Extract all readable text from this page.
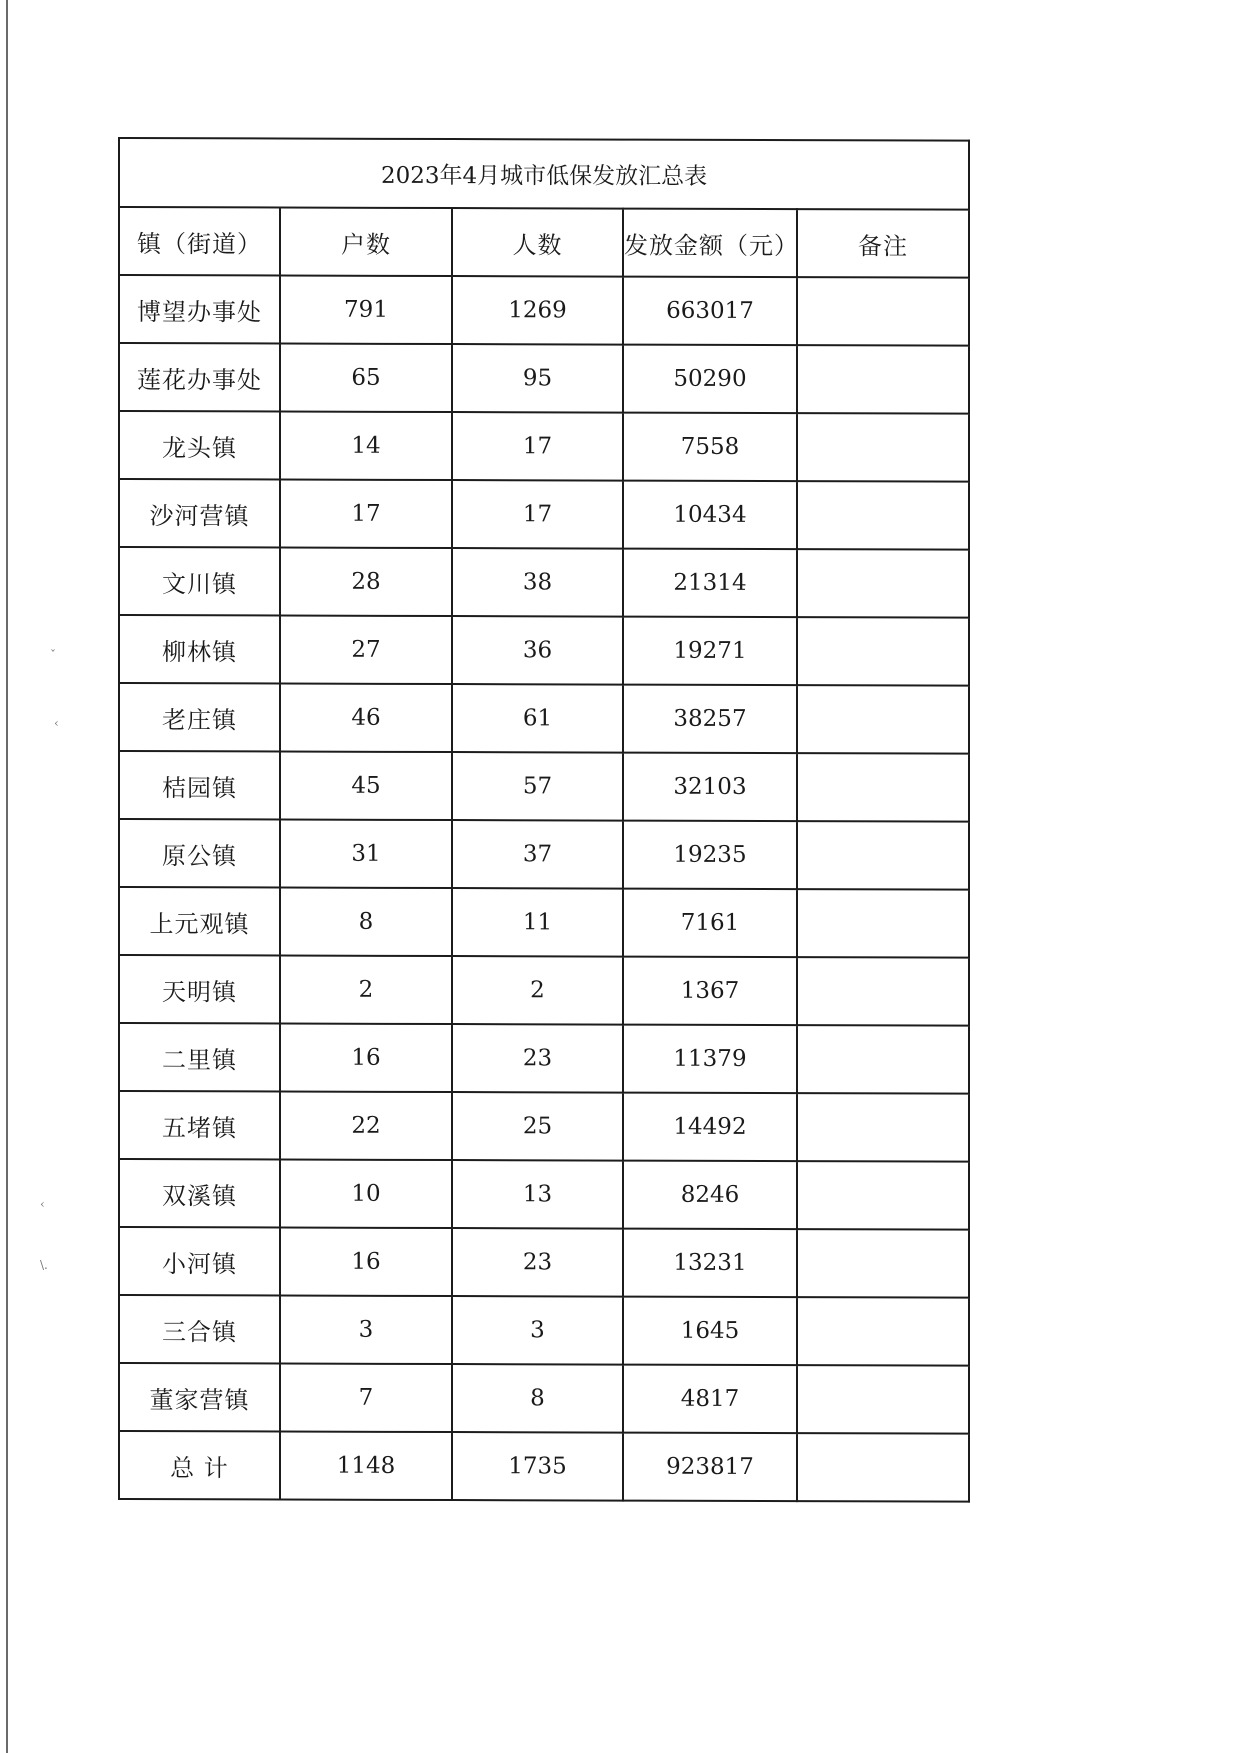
ˇ
‹
‹
\.
2023年4月城市低保发放汇总表				
镇（街道）	户数	人数	发放金额（元）	备注
博望办事处	791	1269	663017	
莲花办事处	65	95	50290	
龙头镇	14	17	7558	
沙河营镇	17	17	10434	
文川镇	28	38	21314	
柳林镇	27	36	19271	
老庄镇	46	61	38257	
桔园镇	45	57	32103	
原公镇	31	37	19235	
上元观镇	8	11	7161	
天明镇	2	2	1367	
二里镇	16	23	11379	
五堵镇	22	25	14492	
双溪镇	10	13	8246	
小河镇	16	23	13231	
三合镇	3	3	1645	
董家营镇	7	8	4817	
总 计	1148	1735	923817	
